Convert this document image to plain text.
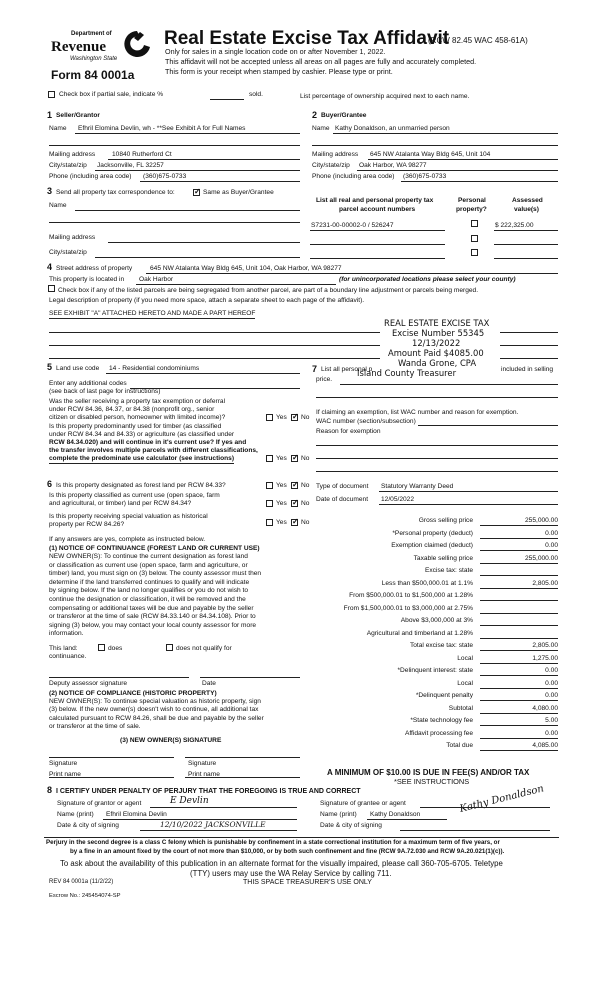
Department of
Revenue
Washington State
Form 84 0001a
Real Estate Excise Tax Affidavit
(RCW 82.45 WAC 458-61A)
Only for sales in a single location code on or after November 1, 2022.
This affidavit will not be accepted unless all areas on all pages are fully and accurately completed.
This form is your receipt when stamped by cashier. Please type or print.
Check box if partial sale, indicate %	sold.	List percentage of ownership acquired next to each name.
1 Seller/Grantor
Name Efhril Elomina Devlin, wh - **See Exhibit A for Full Names
Mailing address	10840 Rutherford Ct
City/state/zip Jacksonville, FL 32257
Phone (including area code) (360)675-0733
2 Buyer/Grantee
Name Kathy Donaldson, an unmarried person
Mailing address 645 NW Atalanta Way Bldg 645, Unit 104
City/state/zip Oak Harbor, WA 98277
Phone (including area code) (360)675-0733
3 Send all property tax correspondence to: ✓	Same as Buyer/Grantee
Name
Mailing address
City/state/zip
List all real and personal property tax
parcel account numbers
Personal
property?
Assessed
value(s)
S7231-00-00002-0 / 526247	$ 222,325.00
4 Street address of property	645 NW Atalanta Way Bldg 645, Unit 104, Oak Harbor, WA 98277
This property is located in Oak Harbor	(for unincorporated locations please select your county)
Check box if any of the listed parcels are being segregated from another parcel, are part of a boundary line adjustment or parcels being merged.
Legal description of property (if you need more space, attach a separate sheet to each page of the affidavit).
SEE EXHIBIT "A" ATTACHED HERETO AND MADE A PART HEREOF
REAL ESTATE EXCISE TAX
Excise Number 55345
12/13/2022
Amount Paid $4085.00
Wanda Grone, CPA
Island County Treasurer
5 Land use code 14 - Residential condominiums
Enter any additional codes
(see back of last page for instructions)
Was the seller receiving a property tax exemption or deferral
under RCW 84.36, 84.37, or 84.38 (nonprofit org., senior
citizen or disabled person, homeowner with limited income)?	Yes ✓ No
Is this property predominantly used for timber (as classified
under RCW 84.34 and 84.33) or agriculture (as classified under
RCW 84.34.020) and will continue in it's current use? If yes and
the transfer involves multiple parcels with different classifications,
complete the predominate use calculator (see instructions)	Yes ✓ No
7 List all personal p	included in selling
price.
If claiming an exemption, list WAC number and reason for exemption.
WAC number (section/subsection)
Reason for exemption
Type of document Statutory Warranty Deed
Date of document 12/05/2022
Gross selling price	255,000.00
*Personal property (deduct)	0.00
Exemption claimed (deduct)	0.00
Taxable selling price	255,000.00
Excise tax: state
Less than $500,000.01 at 1.1%	2,805.00
From $500,000.01 to $1,500,000 at 1.28%
From $1,500,000.01 to $3,000,000 at 2.75%
Above $3,000,000 at 3%
Agricultural and timberland at 1.28%
Total excise tax: state	2,805.00
Local	1,275.00
*Delinquent interest: state	0.00
Local	0.00
*Delinquent penalty	0.00
Subtotal	4,080.00
*State technology fee	5.00
Affidavit processing fee	0.00
Total due	4,085.00
A MINIMUM OF $10.00 IS DUE IN FEE(S) AND/OR TAX
*SEE INSTRUCTIONS
6 Is this property designated as forest land per RCW 84.33?	Yes ✓ No
Is this property classified as current use (open space, farm
and agricultural, or timber) land per RCW 84.34?	Yes ✓ No
Is this property receiving special valuation as historical
property per RCW 84.26?	Yes ✓ No
If any answers are yes, complete as instructed below.
(1) NOTICE OF CONTINUANCE (FOREST LAND OR CURRENT USE)
NEW OWNER(S): To continue the current designation as forest land
or classification as current use (open space, farm and agriculture, or
timber) land, you must sign on (3) below. The county assessor must then
determine if the land transferred continues to qualify and will indicate
by signing below. If the land no longer qualifies or you do not wish to
continue the designation or classification, it will be removed and the
compensating or additional taxes will be due and payable by the seller
or transferor at the time of sale (RCW 84.33.140 or 84.34.108). Prior to
signing (3) below, you may contact your local county assessor for more
information.
This land:	does	does not qualify for
continuance.
Deputy assessor signature	Date
(2) NOTICE OF COMPLIANCE (HISTORIC PROPERTY)
NEW OWNER(S): To continue special valuation as historic property, sign
(3) below. If the new owner(s) doesn't wish to continue, all additional tax
calculated pursuant to RCW 84.26, shall be due and payable by the seller
or transferor at the time of sale.
(3) NEW OWNER(S) SIGNATURE
Signature	Signature
Print name	Print name
8 I CERTIFY UNDER PENALTY OF PERJURY THAT THE FOREGOING IS TRUE AND CORRECT
Signature of grantor or agent	E Devlin
Name (print) Efhril Elomina Devlin
Date & city of signing	12/10/2022 JACKSONVILLE
Signature of grantee or agent	Kathy Donaldson
Name (print) Kathy Donaldson
Date & city of signing
Perjury in the second degree is a class C felony which is punishable by confinement in a state correctional institution for a maximum term of five years, or
by a fine in an amount fixed by the court of not more than $10,000, or by both such confinement and fine (RCW 9A.72.030 and RCW 9A.20.021(1)(c)).
To ask about the availability of this publication in an alternate format for the visually impaired, please call 360-705-6705. Teletype
(TTY) users may use the WA Relay Service by calling 711.
REV 84 0001a (11/2/22)	THIS SPACE TREASURER'S USE ONLY
Escrow No.: 245454074-SP
